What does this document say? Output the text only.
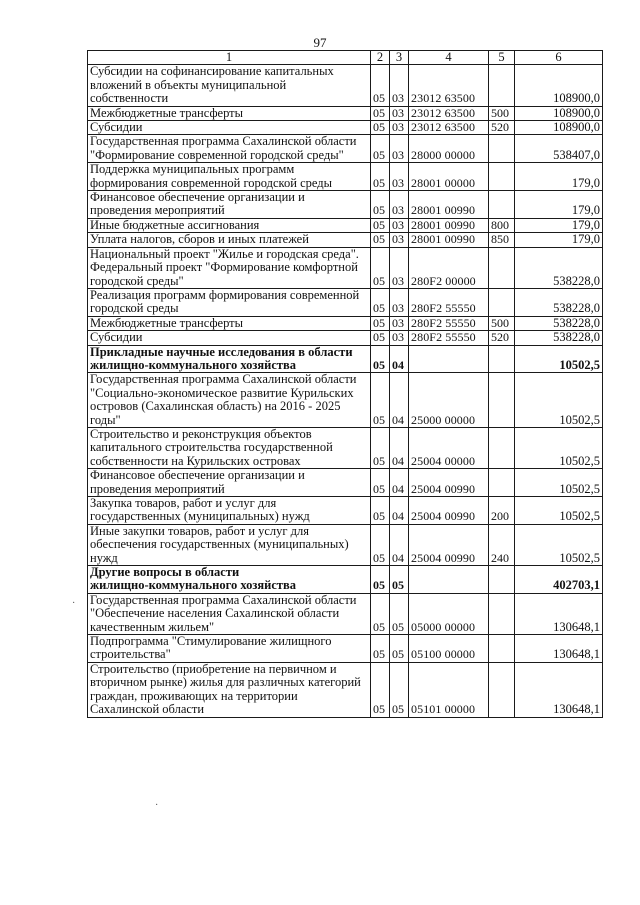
97
1	2	3	4	5	6
Субсидии на софинансирование капитальных
вложений в объекты муниципальной
собственности	05	03	23012 63500		108900,0
Межбюджетные трансферты	05	03	23012 63500	500	108900,0
Субсидии	05	03	23012 63500	520	108900,0
Государственная программа Сахалинской области
"Формирование современной городской среды"	05	03	28000 00000		538407,0
Поддержка муниципальных программ
формирования современной городской среды	05	03	28001 00000		179,0
Финансовое обеспечение организации и
проведения мероприятий	05	03	28001 00990		179,0
Иные бюджетные ассигнования	05	03	28001 00990	800	179,0
Уплата налогов, сборов и иных платежей	05	03	28001 00990	850	179,0
Национальный проект "Жилье и городская среда".
Федеральный проект "Формирование комфортной
городской среды"	05	03	280F2 00000		538228,0
Реализация программ формирования современной
городской среды	05	03	280F2 55550		538228,0
Межбюджетные трансферты	05	03	280F2 55550	500	538228,0
Субсидии	05	03	280F2 55550	520	538228,0
Прикладные научные исследования в области
жилищно-коммунального хозяйства	05	04			10502,5
Государственная программа Сахалинской области
"Социально-экономическое развитие Курильских
островов (Сахалинская область) на 2016 - 2025
годы"	05	04	25000 00000		10502,5
Строительство и реконструкция объектов
капитального строительства государственной
собственности на Курильских островах	05	04	25004 00000		10502,5
Финансовое обеспечение организации и
проведения мероприятий	05	04	25004 00990		10502,5
Закупка товаров, работ и услуг для
государственных (муниципальных) нужд	05	04	25004 00990	200	10502,5
Иные закупки товаров, работ и услуг для
обеспечения государственных (муниципальных)
нужд	05	04	25004 00990	240	10502,5
Другие вопросы в области
жилищно-коммунального хозяйства	05	05			402703,1
Государственная программа Сахалинской области
"Обеспечение населения Сахалинской области
качественным жильем"	05	05	05000 00000		130648,1
Подпрограмма "Стимулирование жилищного
строительства"	05	05	05100 00000		130648,1
Строительство (приобретение на первичном и
вторичном рынке) жилья для различных категорий
граждан, проживающих на территории
Сахалинской области	05	05	05101 00000		130648,1
·
·
